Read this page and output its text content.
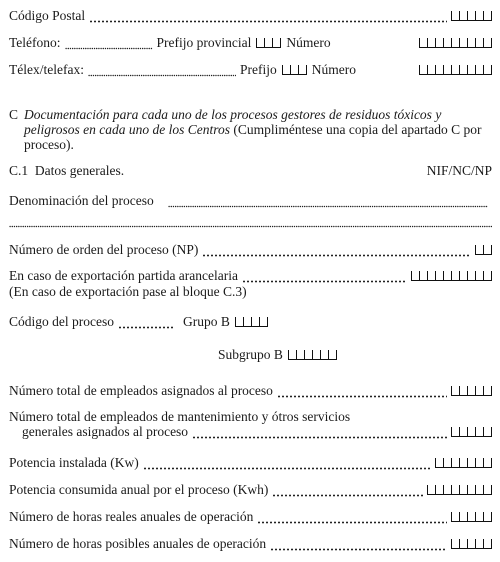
Código Postal
Teléfono:	Prefijo provincial	Número
Télex/telefax:	Prefijo	Número
C Documentación para cada uno de los procesos gestores de residuos tóxicos y peligrosos en cada uno de los Centros (Cumpliméntese una copia del apartado C por proceso).
C.1  Datos generales.	NIF/NC/NP
Denominación del proceso
Número de orden del proceso (NP)
En caso de exportación partida arancelaria
(En caso de exportación pase al bloque C.3)
Código del proceso	Grupo B
Subgrupo B
Número total de empleados asignados al proceso
Número total de empleados de mantenimiento y ótros servicios
generales asignados al proceso
Potencia instalada (Kw)
Potencia consumida anual por el proceso (Kwh)
Número de horas reales anuales de operación
Número de horas posibles anuales de operación
